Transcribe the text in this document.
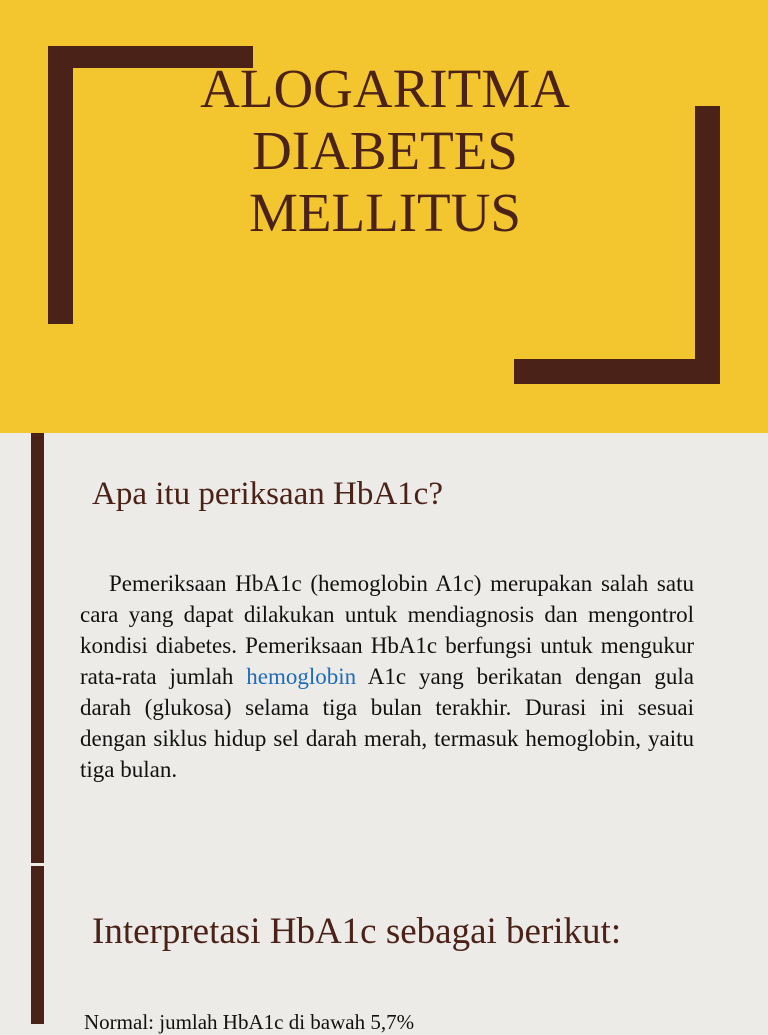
ALOGARITMA
DIABETES
MELLITUS
Apa itu periksaan HbA1c?

Pemeriksaan HbA1c (hemoglobin A1c) merupakan salah satu cara yang dapat dilakukan untuk mendiagnosis dan mengontrol kondisi diabetes. Pemeriksaan HbA1c berfungsi untuk mengukur rata-rata jumlah hemoglobin A1c yang berikatan dengan gula darah (glukosa) selama tiga bulan terakhir. Durasi ini sesuai dengan siklus hidup sel darah merah, termasuk hemoglobin, yaitu tiga bulan.

Interpretasi HbA1c sebagai berikut:

Normal: jumlah HbA1c di bawah 5,7%
